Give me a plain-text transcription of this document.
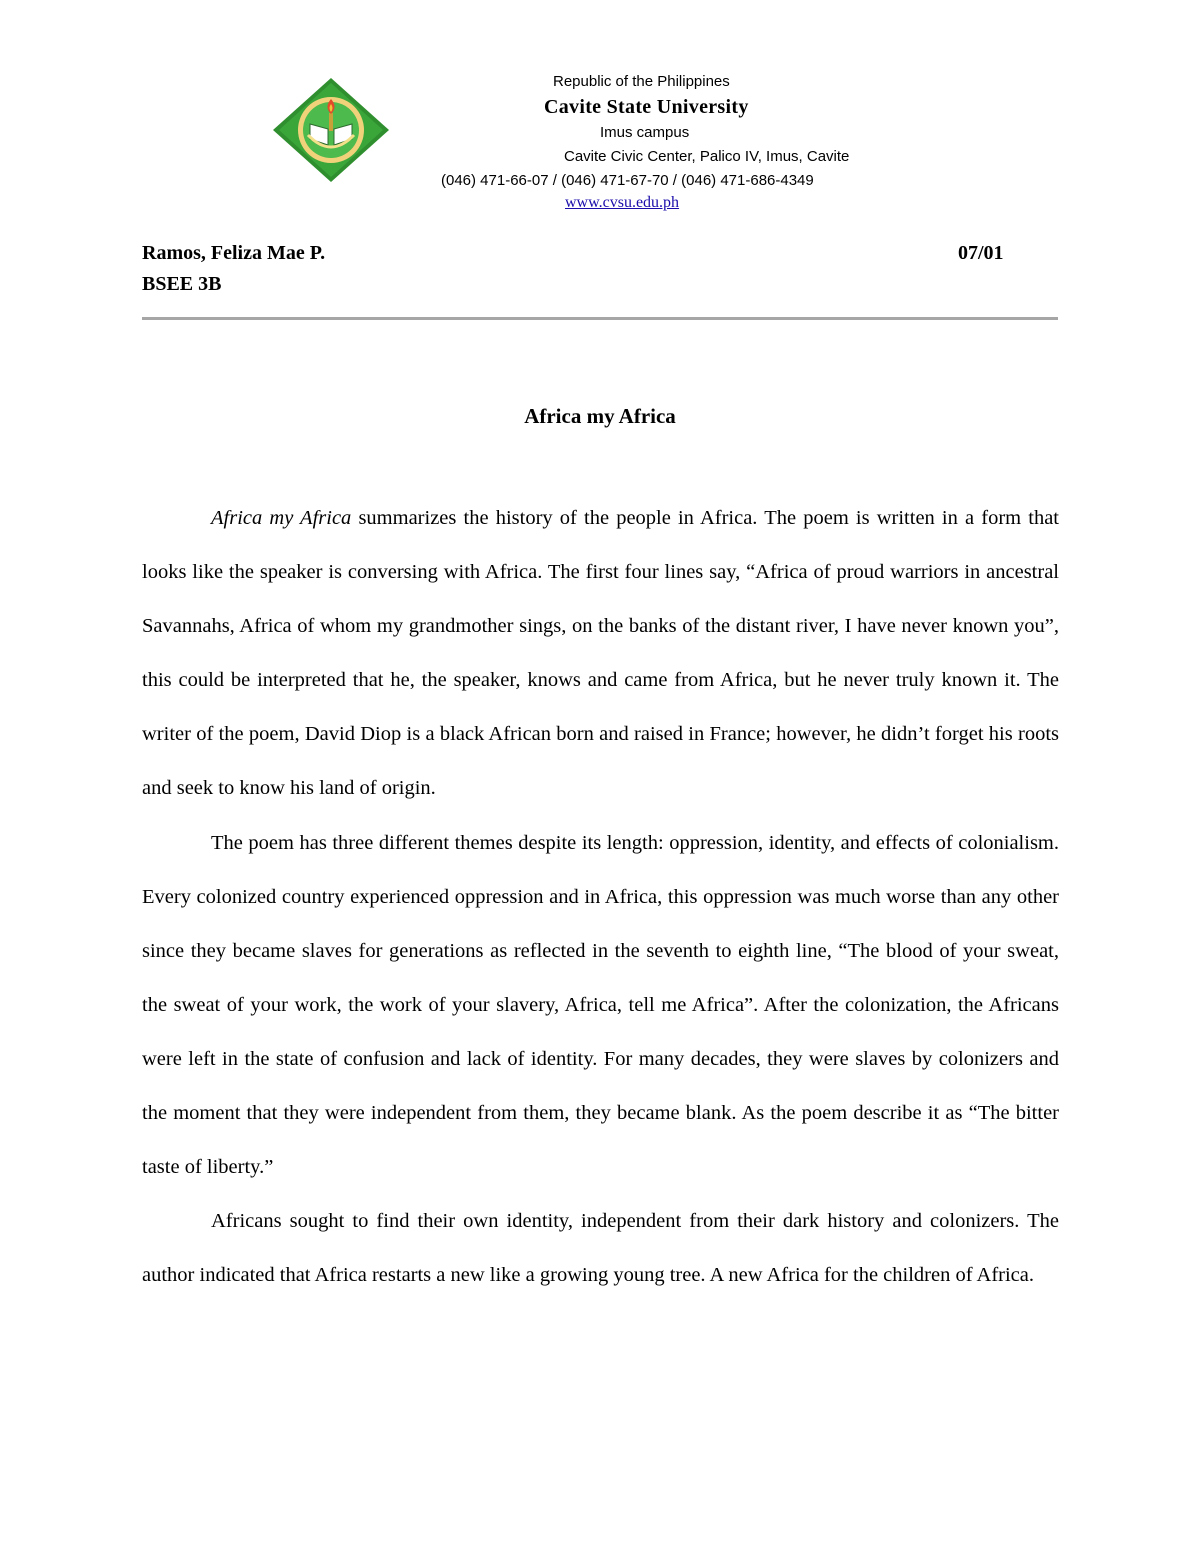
Republic of the Philippines
Cavite State University
Imus campus
Cavite Civic Center, Palico IV, Imus, Cavite
(046) 471-66-07 / (046) 471-67-70 / (046) 471-686-4349
www.cvsu.edu.ph
Ramos, Feliza Mae P.
BSEE 3B
07/01
Africa my Africa

Africa my Africa summarizes the history of the people in Africa. The poem is written in a form that looks like the speaker is conversing with Africa. The first four lines say, “Africa of proud warriors in ancestral Savannahs, Africa of whom my grandmother sings, on the banks of the distant river, I have never known you”, this could be interpreted that he, the speaker, knows and came from Africa, but he never truly known it. The writer of the poem, David Diop is a black African born and raised in France; however, he didn’t forget his roots and seek to know his land of origin.

The poem has three different themes despite its length: oppression, identity, and effects of colonialism. Every colonized country experienced oppression and in Africa, this oppression was much worse than any other since they became slaves for generations as reflected in the seventh to eighth line, “The blood of your sweat, the sweat of your work, the work of your slavery, Africa, tell me Africa”. After the colonization, the Africans were left in the state of confusion and lack of identity. For many decades, they were slaves by colonizers and the moment that they were independent from them, they became blank. As the poem describe it as “The bitter taste of liberty.”

Africans sought to find their own identity, independent from their dark history and colonizers. The author indicated that Africa restarts a new like a growing young tree. A new Africa for the children of Africa.
